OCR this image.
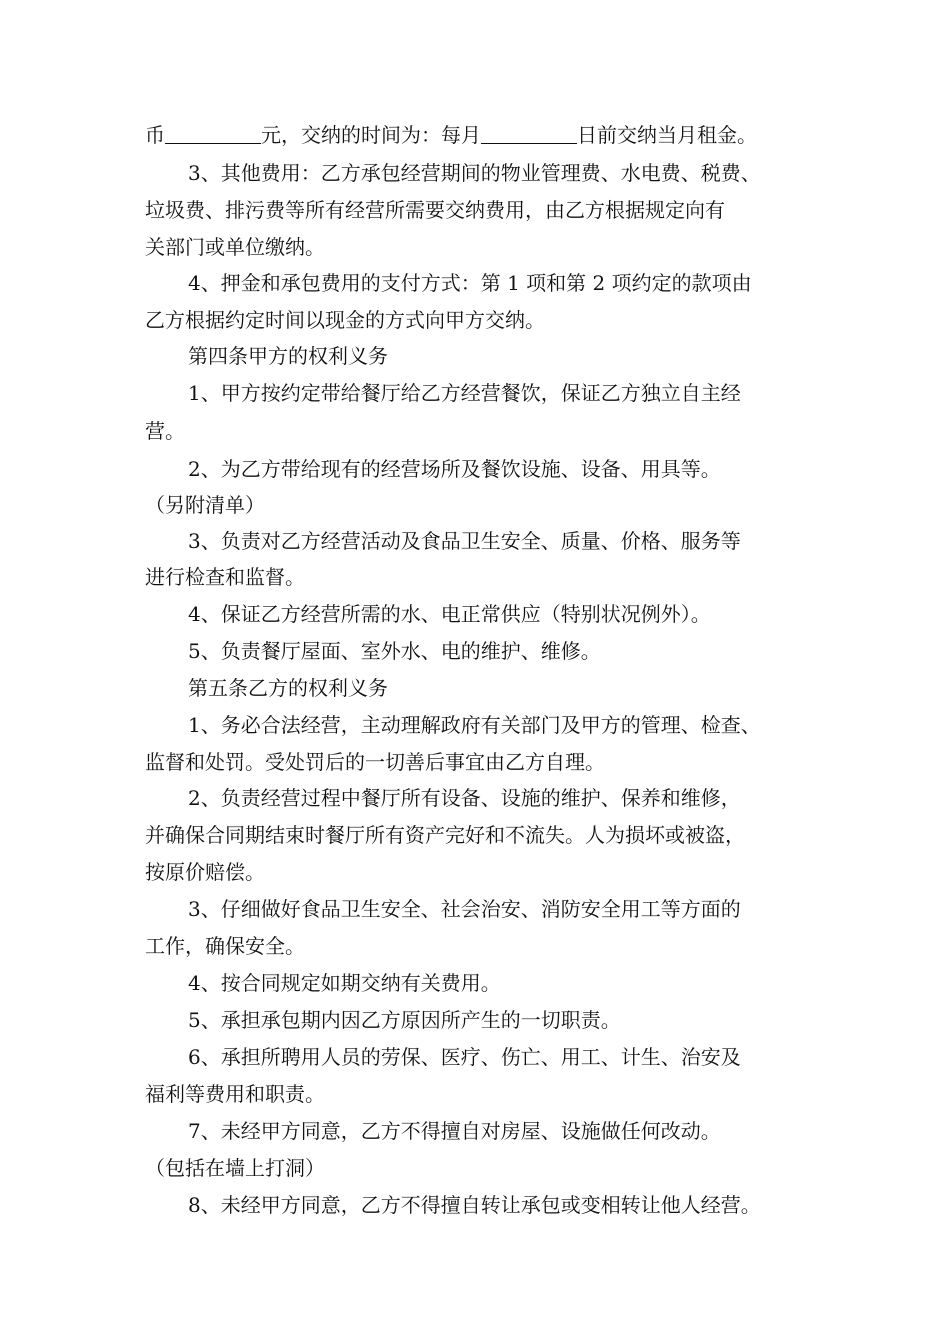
币	元，交纳的时间为：每月	日前交纳当月租金。
3、其他费用：乙方承包经营期间的物业管理费、水电费、税费、
垃圾费、排污费等所有经营所需要交纳费用，由乙方根据规定向有
关部门或单位缴纳。
4、押金和承包费用的支付方式：第 1 项和第 2 项约定的款项由
乙方根据约定时间以现金的方式向甲方交纳。
第四条甲方的权利义务
1、甲方按约定带给餐厅给乙方经营餐饮，保证乙方独立自主经
营。
2、为乙方带给现有的经营场所及餐饮设施、设备、用具等。
（另附清单）
3、负责对乙方经营活动及食品卫生安全、质量、价格、服务等
进行检查和监督。
4、保证乙方经营所需的水、电正常供应（特别状况例外）。
5、负责餐厅屋面、室外水、电的维护、维修。
第五条乙方的权利义务
1、务必合法经营，主动理解政府有关部门及甲方的管理、检查、
监督和处罚。受处罚后的一切善后事宜由乙方自理。
2、负责经营过程中餐厅所有设备、设施的维护、保养和维修，
并确保合同期结束时餐厅所有资产完好和不流失。人为损坏或被盗，
按原价赔偿。
3、仔细做好食品卫生安全、社会治安、消防安全用工等方面的
工作，确保安全。
4、按合同规定如期交纳有关费用。
5、承担承包期内因乙方原因所产生的一切职责。
6、承担所聘用人员的劳保、医疗、伤亡、用工、计生、治安及
福利等费用和职责。
7、未经甲方同意，乙方不得擅自对房屋、设施做任何改动。
（包括在墙上打洞）
8、未经甲方同意，乙方不得擅自转让承包或变相转让他人经营。
